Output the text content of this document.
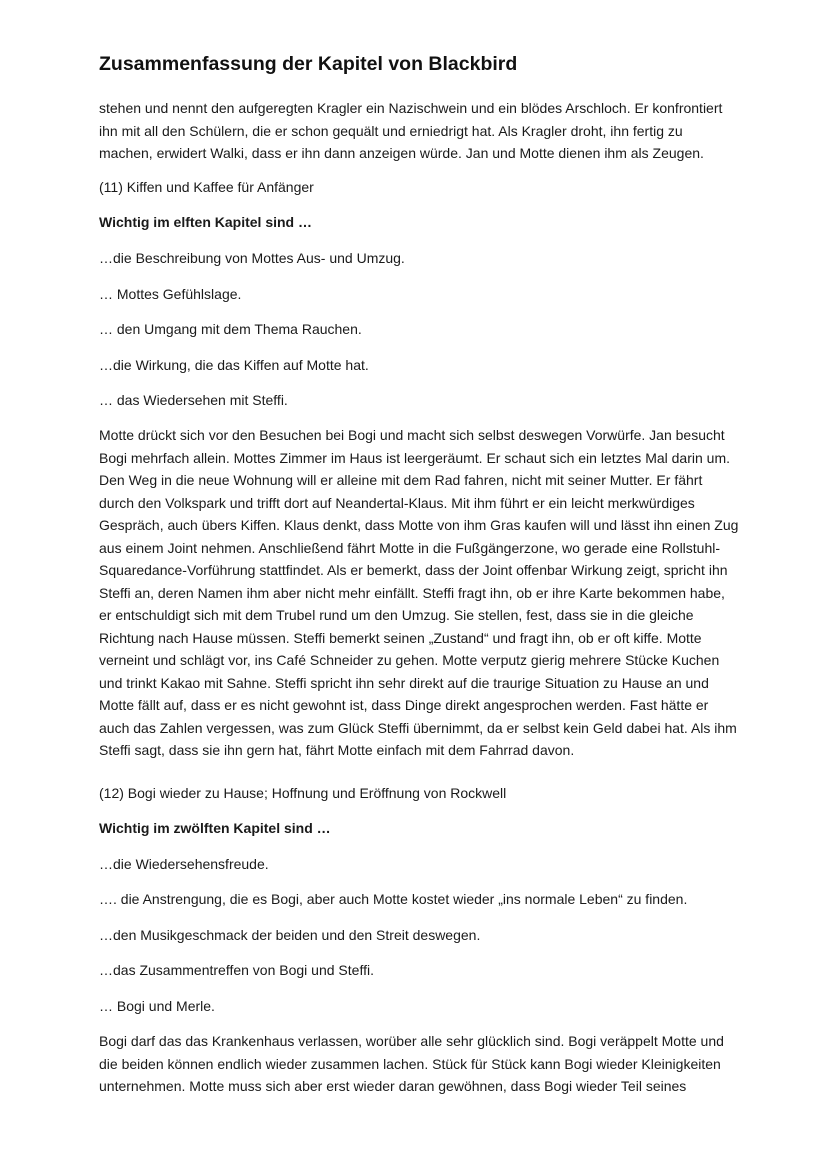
Zusammenfassung der Kapitel von Blackbird

stehen und nennt den aufgeregten Kragler ein Nazischwein und ein blödes Arschloch. Er konfrontiert ihn mit all den Schülern, die er schon gequält und erniedrigt hat. Als Kragler droht, ihn fertig zu machen, erwidert Walki, dass er ihn dann anzeigen würde. Jan und Motte dienen ihm als Zeugen.

(11) Kiffen und Kaffee für Anfänger

Wichtig im elften Kapitel sind …

…die Beschreibung von Mottes Aus- und Umzug.

… Mottes Gefühlslage.

… den Umgang mit dem Thema Rauchen.

…die Wirkung, die das Kiffen auf Motte hat.

… das Wiedersehen mit Steffi.

Motte drückt sich vor den Besuchen bei Bogi und macht sich selbst deswegen Vorwürfe. Jan besucht Bogi mehrfach allein. Mottes Zimmer im Haus ist leergeräumt. Er schaut sich ein letztes Mal darin um. Den Weg in die neue Wohnung will er alleine mit dem Rad fahren, nicht mit seiner Mutter. Er fährt durch den Volkspark und trifft dort auf Neandertal-Klaus. Mit ihm führt er ein leicht merkwürdiges Gespräch, auch übers Kiffen. Klaus denkt, dass Motte von ihm Gras kaufen will und lässt ihn einen Zug aus einem Joint nehmen. Anschließend fährt Motte in die Fußgängerzone, wo gerade eine Rollstuhl-Squaredance-Vorführung stattfindet. Als er bemerkt, dass der Joint offenbar Wirkung zeigt, spricht ihn Steffi an, deren Namen ihm aber nicht mehr einfällt. Steffi fragt ihn, ob er ihre Karte bekommen habe, er entschuldigt sich mit dem Trubel rund um den Umzug. Sie stellen, fest, dass sie in die gleiche Richtung nach Hause müssen. Steffi bemerkt seinen „Zustand“ und fragt ihn, ob er oft kiffe. Motte verneint und schlägt vor, ins Café Schneider zu gehen. Motte verputz gierig mehrere Stücke Kuchen und trinkt Kakao mit Sahne. Steffi spricht ihn sehr direkt auf die traurige Situation zu Hause an und Motte fällt auf, dass er es nicht gewohnt ist, dass Dinge direkt angesprochen werden. Fast hätte er auch das Zahlen vergessen, was zum Glück Steffi übernimmt, da er selbst kein Geld dabei hat. Als ihm Steffi sagt, dass sie ihn gern hat, fährt Motte einfach mit dem Fahrrad davon.

(12) Bogi wieder zu Hause; Hoffnung und Eröffnung von Rockwell

Wichtig im zwölften Kapitel sind …

…die Wiedersehensfreude.

…. die Anstrengung, die es Bogi, aber auch Motte kostet wieder „ins normale Leben“ zu finden.

…den Musikgeschmack der beiden und den Streit deswegen.

…das Zusammentreffen von Bogi und Steffi.

… Bogi und Merle.

Bogi darf das das Krankenhaus verlassen, worüber alle sehr glücklich sind. Bogi veräppelt Motte und die beiden können endlich wieder zusammen lachen. Stück für Stück kann Bogi wieder Kleinigkeiten unternehmen. Motte muss sich aber erst wieder daran gewöhnen, dass Bogi wieder Teil seines
